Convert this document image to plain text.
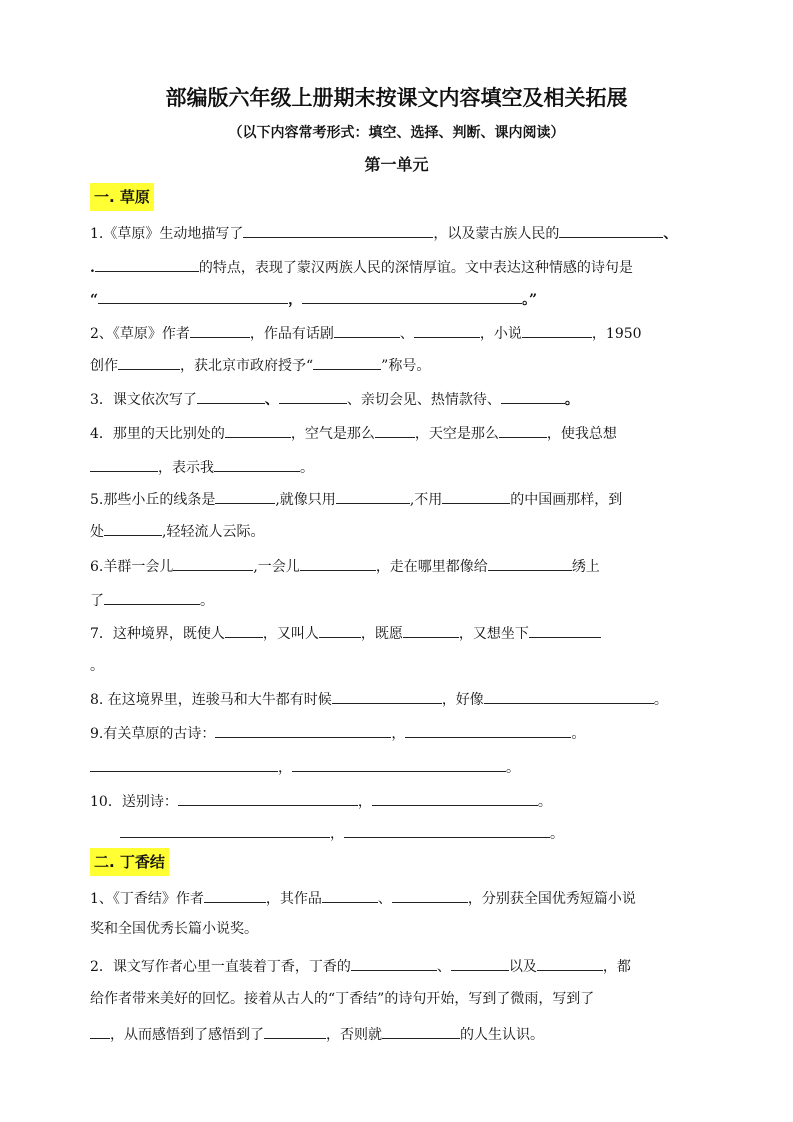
部编版六年级上册期末按课文内容填空及相关拓展
（以下内容常考形式：填空、选择、判断、课内阅读）
第一单元
一. 草原
1.《草原》生动地描写了	，以及蒙古族人民的	、
.	的特点，表现了蒙汉两族人民的深情厚谊。文中表达这种情感的诗句是
“	，	。”
2、《草原》作者	，作品有话剧	、	，小说	，1950
创作	，获北京市政府授予“	”称号。
3．课文依次写了	、	、亲切会见、热情款待、	。
4．那里的天比别处的	，空气是那么	，天空是那么	，使我总想
，表示我	。
5.那些小丘的线条是	,就像只用	,不用	的中国画那样，到
处	,轻轻流人云际。
6.羊群一会儿	,一会儿	，走在哪里都像给	绣上
了	。
7．这种境界，既使人	，又叫人	，既愿	，又想坐下
。
8. 在这境界里，连骏马和大牛都有时候	，好像	。
9.有关草原的古诗：	，	。
，	。
10．送别诗：	，	。
，	。
二. 丁香结
1、《丁香结》作者	，其作品	、	，分别获全国优秀短篇小说
奖和全国优秀长篇小说奖。
2．课文写作者心里一直装着丁香，丁香的	、	以及	，都
给作者带来美好的回忆。接着从古人的“丁香结”的诗句开始，写到了微雨，写到了
，从而感悟到了感悟到了	，否则就	的人生认识。
